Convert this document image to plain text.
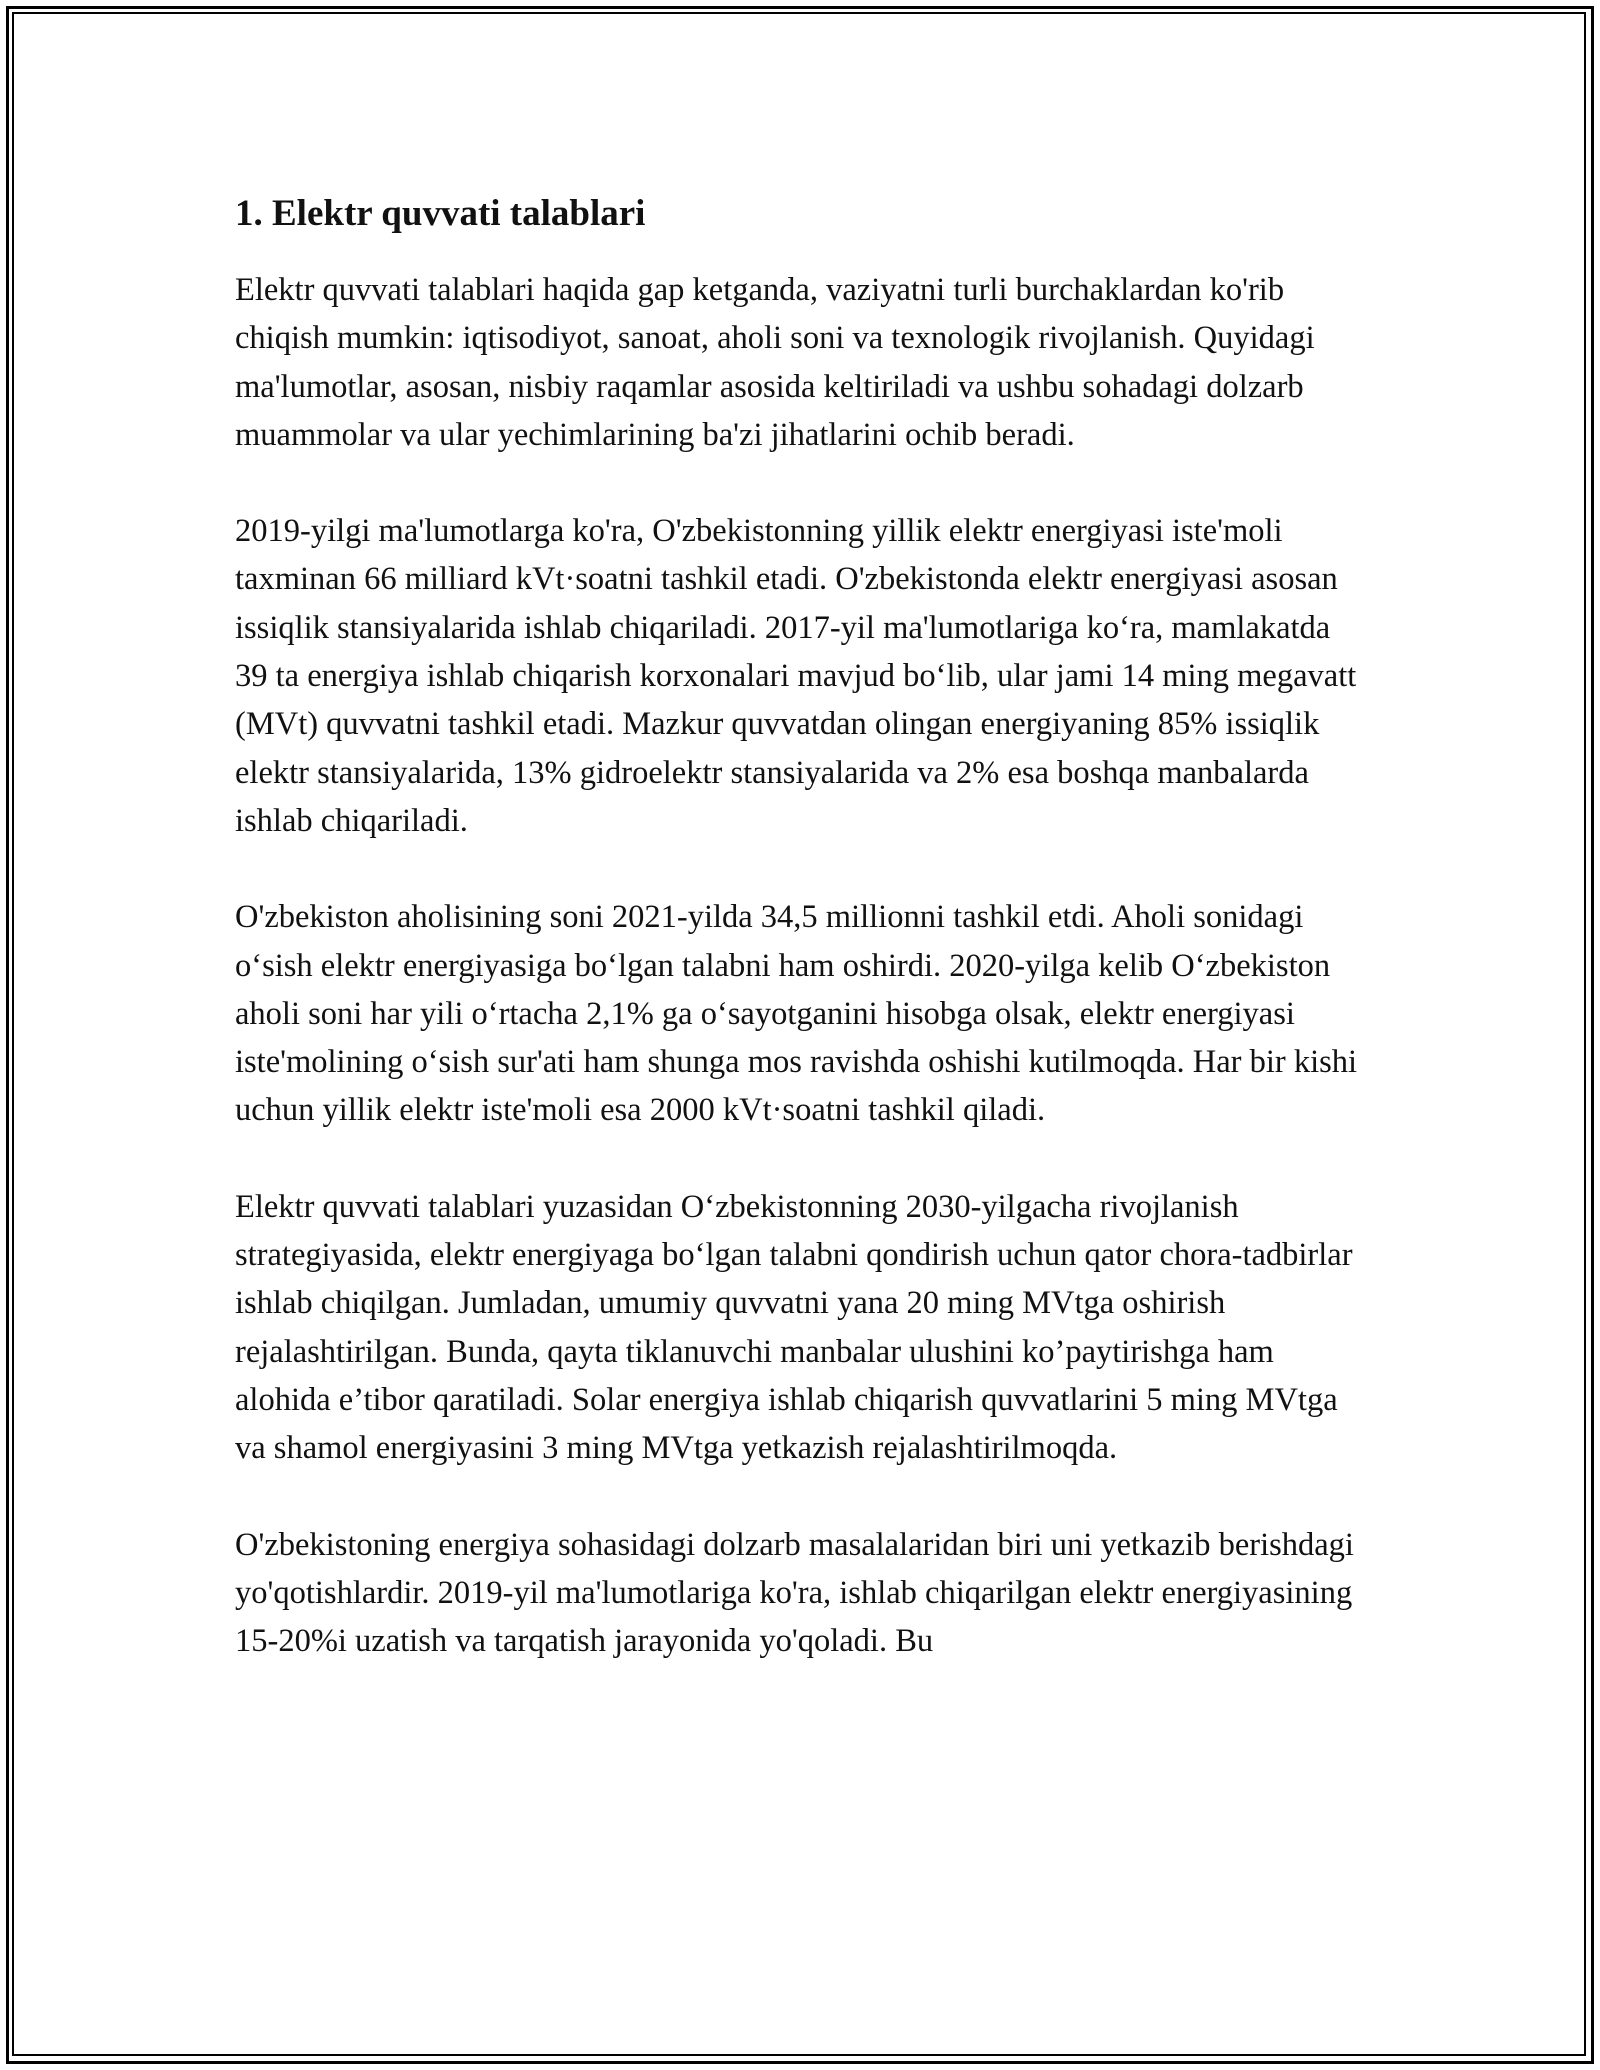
1. Elektr quvvati talablari

Elektr quvvati talablari haqida gap ketganda, vaziyatni turli burchaklardan ko'rib chiqish mumkin: iqtisodiyot, sanoat, aholi soni va texnologik rivojlanish. Quyidagi ma'lumotlar, asosan, nisbiy raqamlar asosida keltiriladi va ushbu sohadagi dolzarb muammolar va ular yechimlarining ba'zi jihatlarini ochib beradi.

2019-yilgi ma'lumotlarga ko'ra, O'zbekistonning yillik elektr energiyasi iste'moli taxminan 66 milliard kVt·soatni tashkil etadi. O'zbekistonda elektr energiyasi asosan issiqlik stansiyalarida ishlab chiqariladi. 2017-yil ma'lumotlariga ko‘ra, mamlakatda 39 ta energiya ishlab chiqarish korxonalari mavjud bo‘lib, ular jami 14 ming megavatt (MVt) quvvatni tashkil etadi. Mazkur quvvatdan olingan energiyaning 85% issiqlik elektr stansiyalarida, 13% gidroelektr stansiyalarida va 2% esa boshqa manbalarda ishlab chiqariladi.

O'zbekiston aholisining soni 2021-yilda 34,5 millionni tashkil etdi. Aholi sonidagi o‘sish elektr energiyasiga bo‘lgan talabni ham oshirdi. 2020-yilga kelib O‘zbekiston aholi soni har yili o‘rtacha 2,1% ga o‘sayotganini hisobga olsak, elektr energiyasi iste'molining o‘sish sur'ati ham shunga mos ravishda oshishi kutilmoqda. Har bir kishi uchun yillik elektr iste'moli esa 2000 kVt·soatni tashkil qiladi.

Elektr quvvati talablari yuzasidan O‘zbekistonning 2030-yilgacha rivojlanish strategiyasida, elektr energiyaga bo‘lgan talabni qondirish uchun qator chora-tadbirlar ishlab chiqilgan. Jumladan, umumiy quvvatni yana 20 ming MVtga oshirish rejalashtirilgan. Bunda, qayta tiklanuvchi manbalar ulushini ko’paytirishga ham alohida e’tibor qaratiladi. Solar energiya ishlab chiqarish quvvatlarini 5 ming MVtga va shamol energiyasini 3 ming MVtga yetkazish rejalashtirilmoqda.

O'zbekistoning energiya sohasidagi dolzarb masalalaridan biri uni yetkazib berishdagi yo'qotishlardir. 2019-yil ma'lumotlariga ko'ra, ishlab chiqarilgan elektr energiyasining 15-20%i uzatish va tarqatish jarayonida yo'qoladi. Bu
